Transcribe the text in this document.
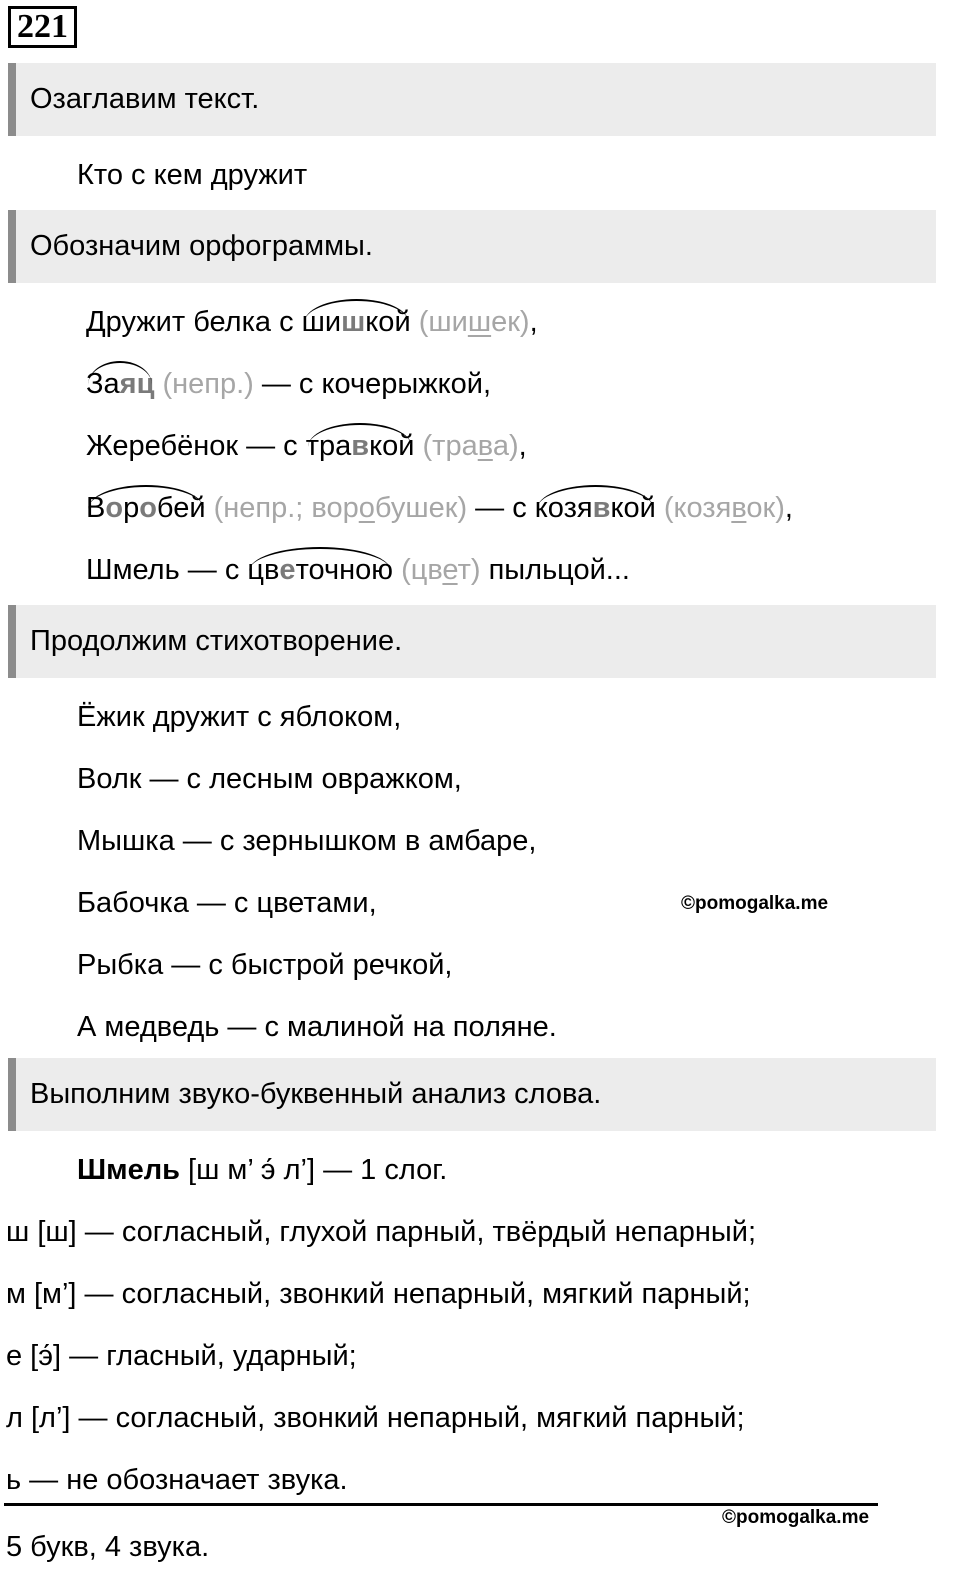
221
Озаглавим текст.
Кто с кем дружит
Обозначим орфограммы.
Дружит белка с шишкой (шишек),
Заяц (непр.) — с кочерыжкой,
Жеребёнок — с травкой (трава),
Воробей (непр.; воробушек) — с козявкой (козявок),
Шмель — с цветочною (цвет) пыльцой...
Продолжим стихотворение.
Ёжик дружит с яблоком,
Волк — с лесным овражком,
Мышка — с зернышком в амбаре,
Бабочка — с цветами,
Рыбка — с быстрой речкой,
А медведь — с малиной на поляне.
©pomogalka.me
Выполним звуко-буквенный анализ слова.
Шмель [ш м’ э́ л’] — 1 слог.
ш [ш] — согласный, глухой парный, твёрдый непарный;
м [м’] — согласный, звонкий непарный, мягкий парный;
е [э́] — гласный, ударный;
л [л’] — согласный, звонкий непарный, мягкий парный;
ь — не обозначает звука.
©pomogalka.me
5 букв, 4 звука.
